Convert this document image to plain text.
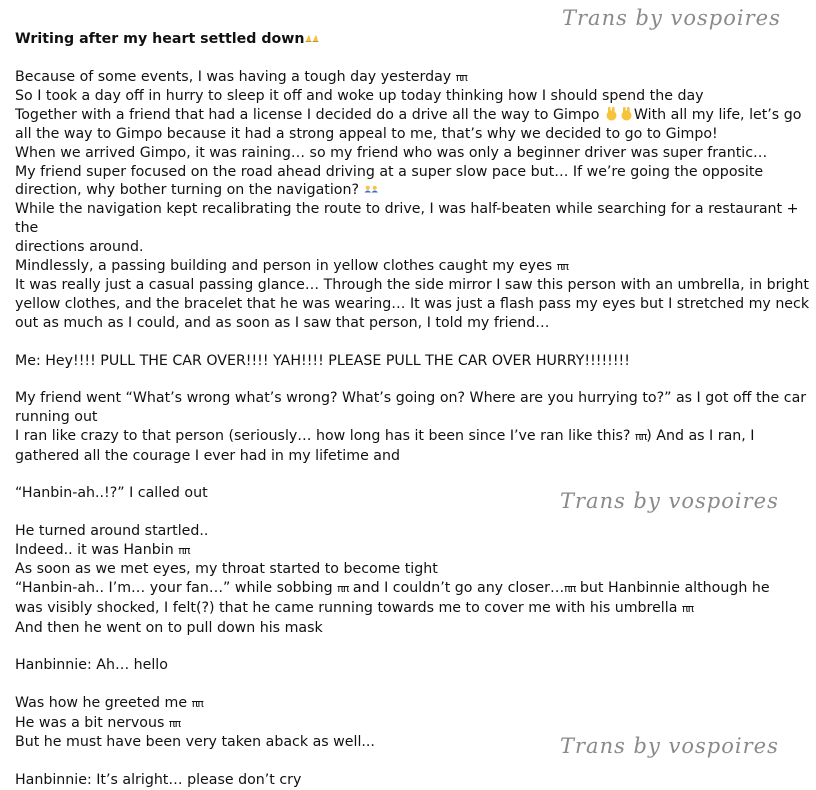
Trans by vospoires
Trans by vospoires
Trans by vospoires

Writing after my heart settled down

Because of some events, I was having a tough day yesterday ππ

So I took a day off in hurry to sleep it off and woke up today thinking how I should spend the day

Together with a friend that had a license I decided do a drive all the way to Gimpo With all my life, let’s go

all the way to Gimpo because it had a strong appeal to me, that’s why we decided to go to Gimpo!

When we arrived Gimpo, it was raining… so my friend who was only a beginner driver was super frantic…

My friend super focused on the road ahead driving at a super slow pace but… If we’re going the opposite

direction, why bother turning on the navigation?

While the navigation kept recalibrating the route to drive, I was half-beaten while searching for a restaurant + the

directions around.

Mindlessly, a passing building and person in yellow clothes caught my eyes ππ

It was really just a casual passing glance… Through the side mirror I saw this person with an umbrella, in bright

yellow clothes, and the bracelet that he was wearing… It was just a flash pass my eyes but I stretched my neck

out as much as I could, and as soon as I saw that person, I told my friend…

Me: Hey!!!! PULL THE CAR OVER!!!! YAH!!!! PLEASE PULL THE CAR OVER HURRY!!!!!!!!

My friend went “What’s wrong what’s wrong? What’s going on? Where are you hurrying to?” as I got off the car

running out

I ran like crazy to that person (seriously… how long has it been since I’ve ran like this? ππ) And as I ran, I

gathered all the courage I ever had in my lifetime and

“Hanbin-ah..!?” I called out

He turned around startled..

Indeed.. it was Hanbin ππ

As soon as we met eyes, my throat started to become tight

“Hanbin-ah.. I’m… your fan…” while sobbing ππ and I couldn’t go any closer…ππ but Hanbinnie although he

was visibly shocked, I felt(?) that he came running towards me to cover me with his umbrella ππ

And then he went on to pull down his mask

Hanbinnie: Ah… hello

Was how he greeted me ππ

He was a bit nervous ππ

But he must have been very taken aback as well...

Hanbinnie: It’s alright… please don’t cry
